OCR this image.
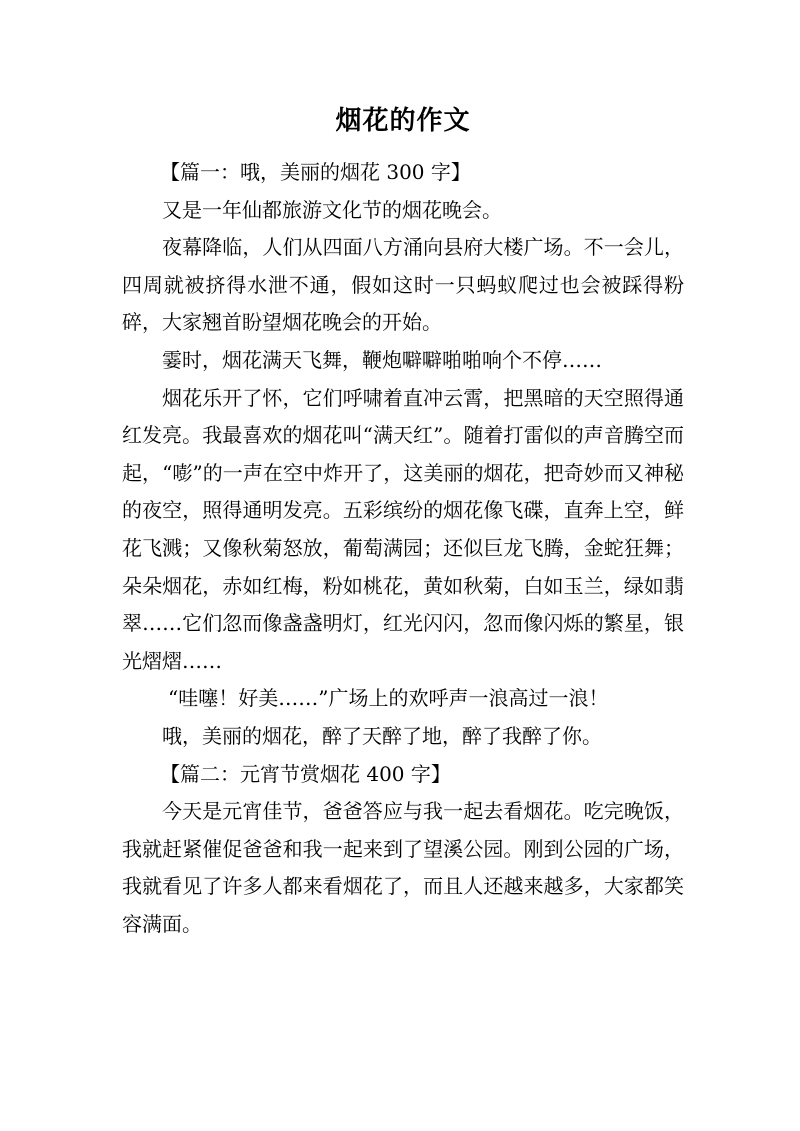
烟花的作文

【篇一：哦，美丽的烟花 300 字】

又是一年仙都旅游文化节的烟花晚会。

夜幕降临，人们从四面八方涌向县府大楼广场。不一会儿，四周就被挤得水泄不通，假如这时一只蚂蚁爬过也会被踩得粉碎，大家翘首盼望烟花晚会的开始。

霎时，烟花满天飞舞，鞭炮噼噼啪啪响个不停……

烟花乐开了怀，它们呼啸着直冲云霄，把黑暗的天空照得通红发亮。我最喜欢的烟花叫“满天红”。随着打雷似的声音腾空而起，“嘭”的一声在空中炸开了，这美丽的烟花，把奇妙而又神秘的夜空，照得通明发亮。五彩缤纷的烟花像飞碟，直奔上空，鲜花飞溅；又像秋菊怒放，葡萄满园；还似巨龙飞腾，金蛇狂舞；朵朵烟花，赤如红梅，粉如桃花，黄如秋菊，白如玉兰，绿如翡翠……它们忽而像盏盏明灯，红光闪闪，忽而像闪烁的繁星，银光熠熠……

“哇噻！好美……”广场上的欢呼声一浪高过一浪！

哦，美丽的烟花，醉了天醉了地，醉了我醉了你。

【篇二：元宵节赏烟花 400 字】

今天是元宵佳节，爸爸答应与我一起去看烟花。吃完晚饭，我就赶紧催促爸爸和我一起来到了望溪公园。刚到公园的广场，我就看见了许多人都来看烟花了，而且人还越来越多，大家都笑容满面。
